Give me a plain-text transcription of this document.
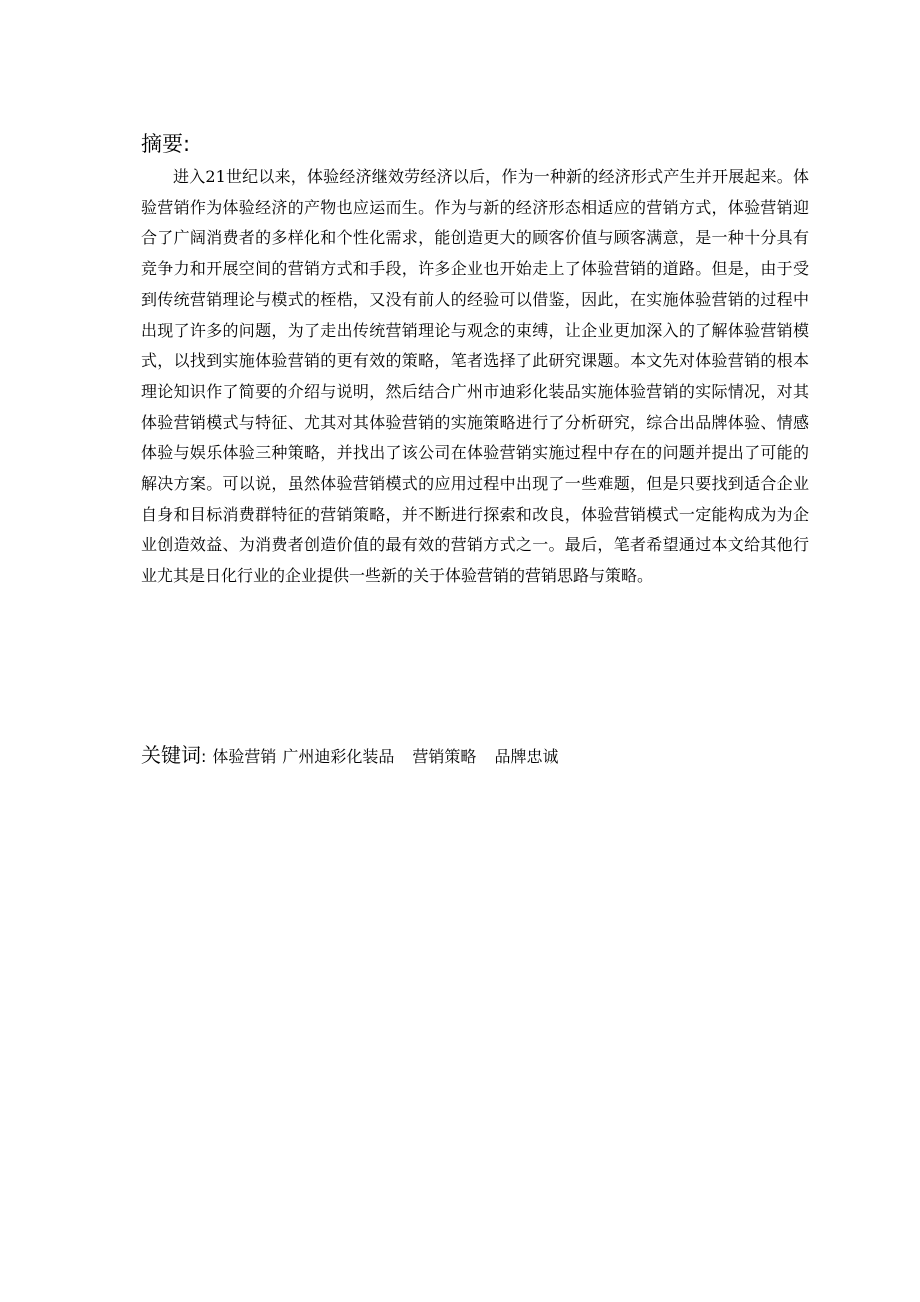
摘要:

进入21世纪以来，体验经济继效劳经济以后，作为一种新的经济形式产生并开展起来。体验营销作为体验经济的产物也应运而生。作为与新的经济形态相适应的营销方式，体验营销迎合了广阔消费者的多样化和个性化需求，能创造更大的顾客价值与顾客满意，是一种十分具有竞争力和开展空间的营销方式和手段，许多企业也开始走上了体验营销的道路。但是，由于受到传统营销理论与模式的桎梏，又没有前人的经验可以借鉴，因此，在实施体验营销的过程中出现了许多的问题，为了走出传统营销理论与观念的束缚，让企业更加深入的了解体验营销模式，以找到实施体验营销的更有效的策略，笔者选择了此研究课题。本文先对体验营销的根本理论知识作了简要的介绍与说明，然后结合广州市迪彩化装品实施体验营销的实际情况，对其体验营销模式与特征、尤其对其体验营销的实施策略进行了分析研究，综合出品牌体验、情感体验与娱乐体验三种策略，并找出了该公司在体验营销实施过程中存在的问题并提出了可能的解决方案。可以说，虽然体验营销模式的应用过程中出现了一些难题，但是只要找到适合企业自身和目标消费群特征的营销策略，并不断进行探索和改良，体验营销模式一定能构成为为企业创造效益、为消费者创造价值的最有效的营销方式之一。最后，笔者希望通过本文给其他行业尤其是日化行业的企业提供一些新的关于体验营销的营销思路与策略。

关键词: 体验营销 广州迪彩化装品 营销策略 品牌忠诚
